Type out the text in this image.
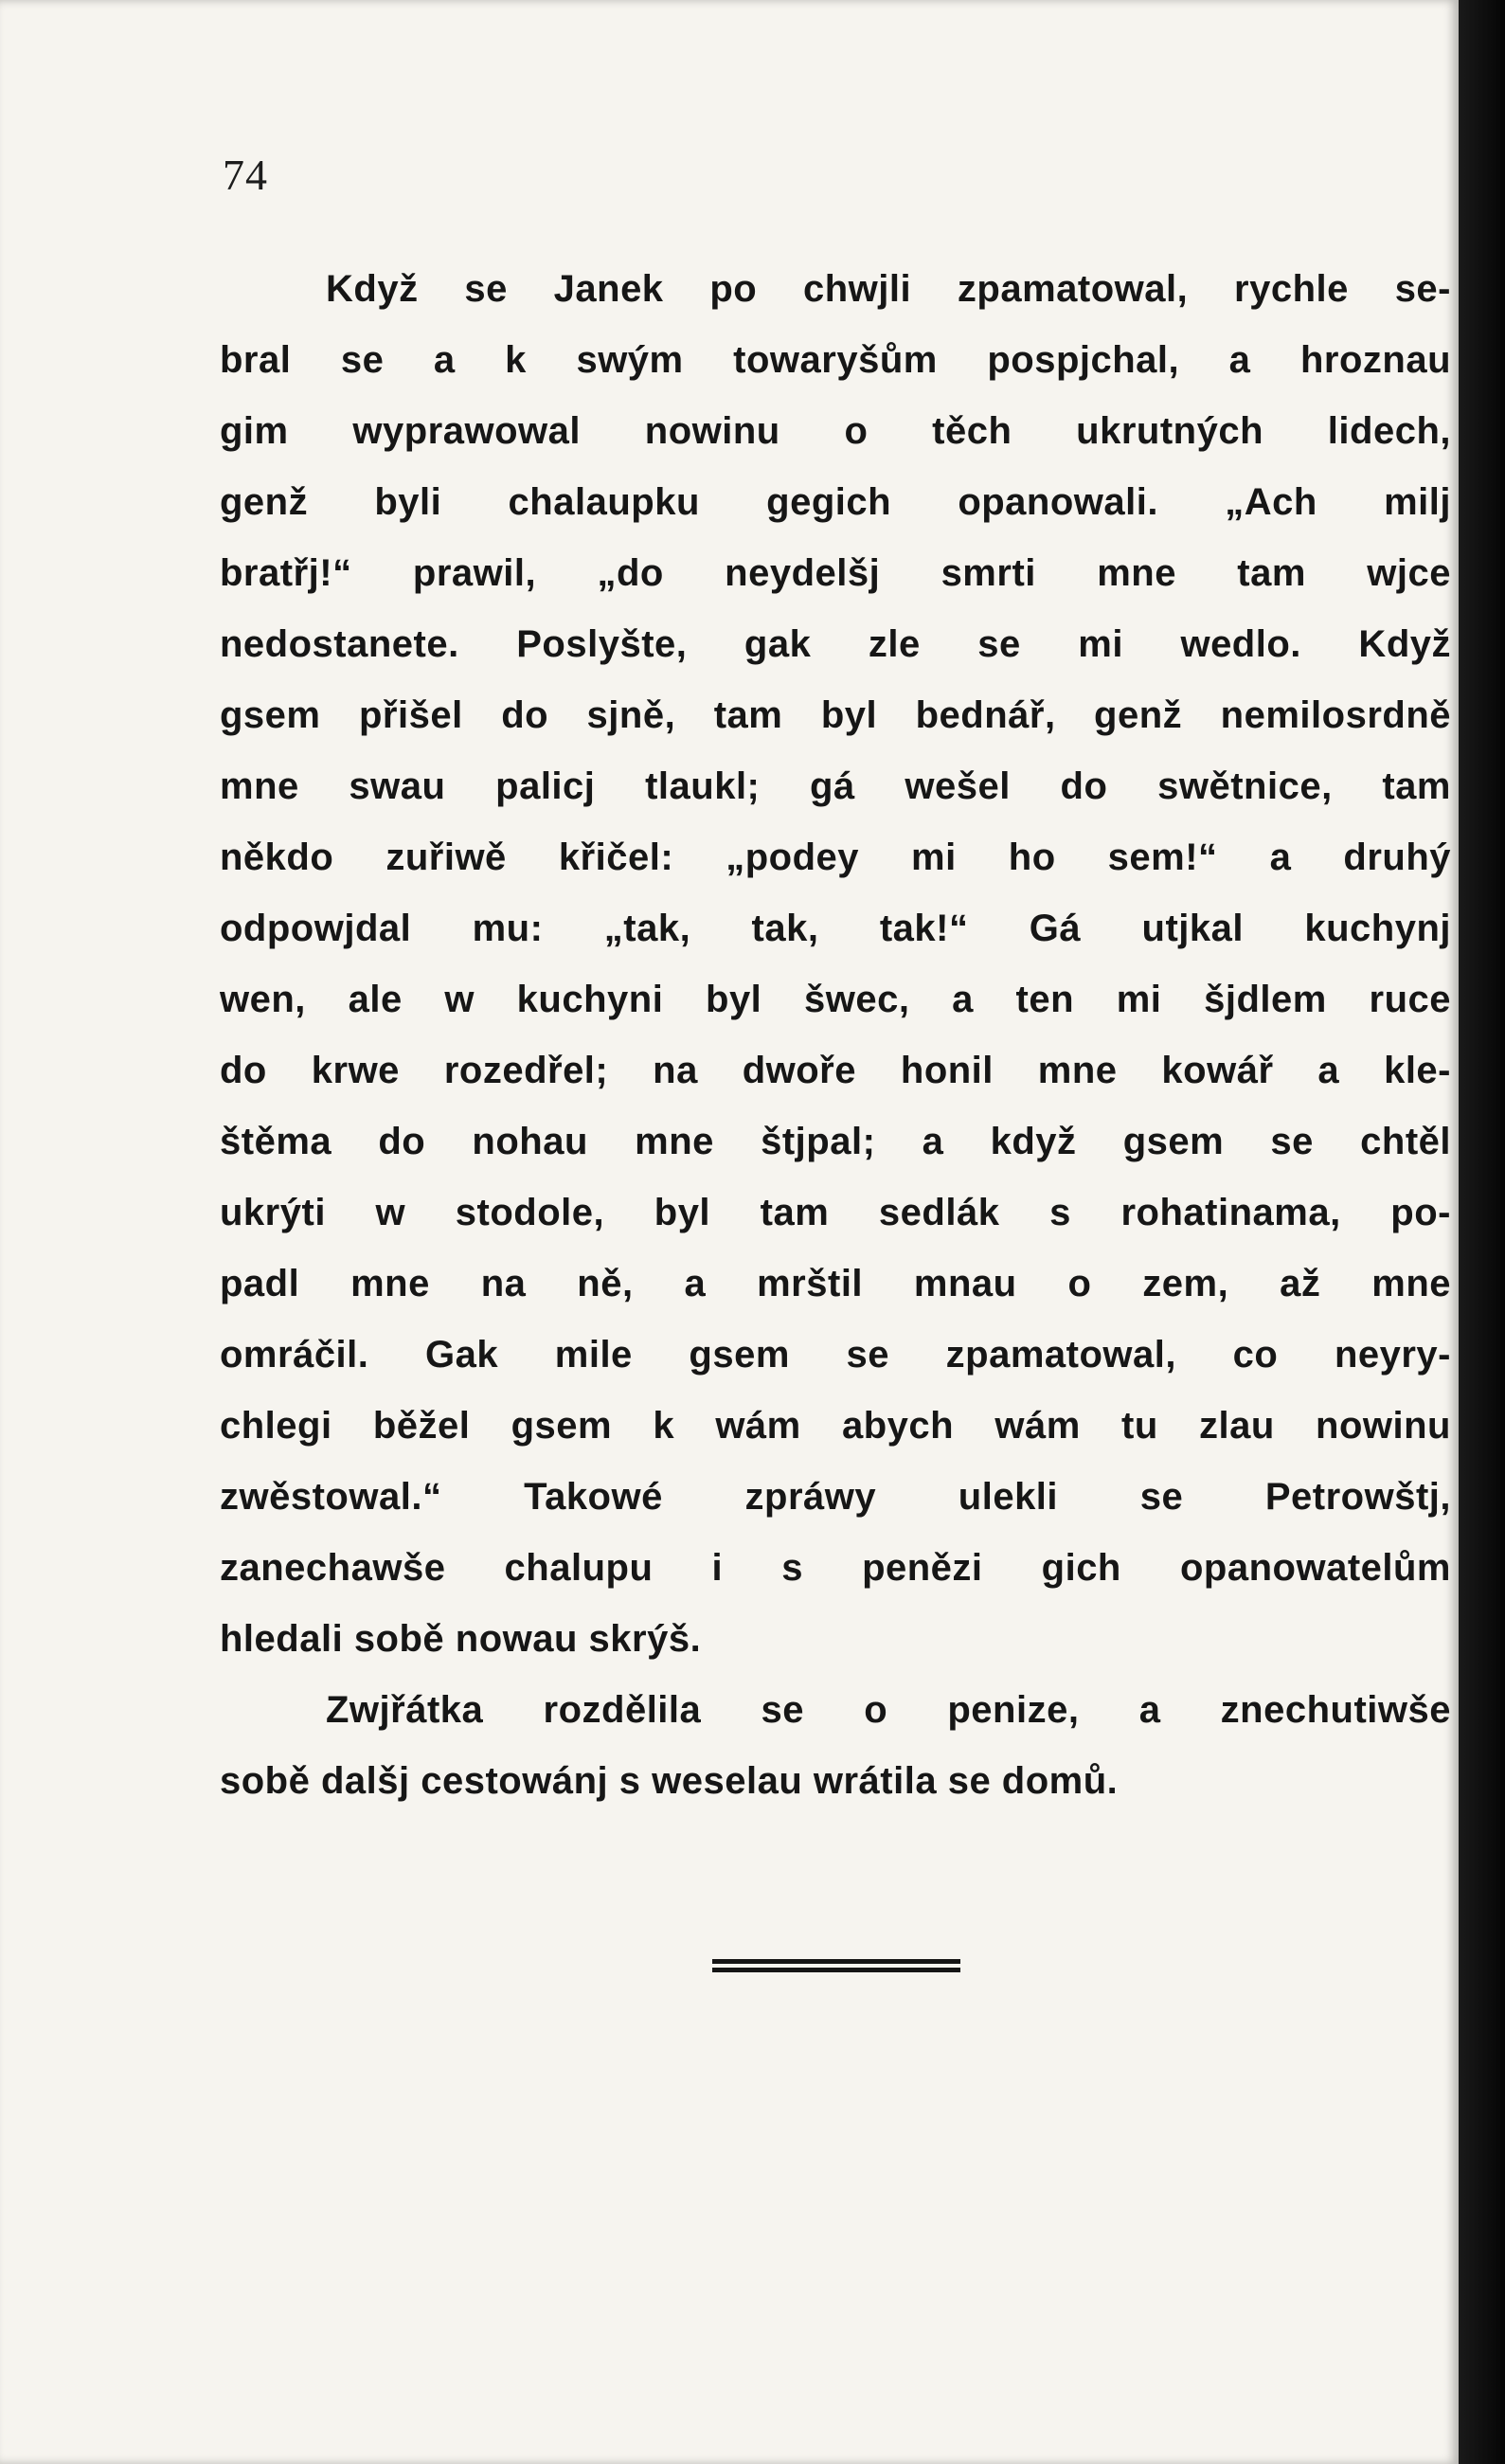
74
Když se Janek po chwjli zpamatowal, rychle se-
bral se a k swým towaryšům pospjchal, a hroznau
gim wyprawowal nowinu o těch ukrutných lidech,
genž byli chalaupku gegich opanowali. „Ach milj
bratřj!“ prawil, „do neydelšj smrti mne tam wjce
nedostanete. Poslyšte, gak zle se mi wedlo. Když
gsem přišel do sjně, tam byl bednář, genž nemilosrdně
mne swau palicj tlaukl; gá wešel do swětnice, tam
někdo zuřiwě křičel: „podey mi ho sem!“ a druhý
odpowjdal mu: „tak, tak, tak!“ Gá utjkal kuchynj
wen, ale w kuchyni byl šwec, a ten mi šjdlem ruce
do krwe rozedřel; na dwoře honil mne kowář a kle-
štěma do nohau mne štjpal; a když gsem se chtěl
ukrýti w stodole, byl tam sedlák s rohatinama, po-
padl mne na ně, a mrštil mnau o zem, až mne
omráčil. Gak mile gsem se zpamatowal, co neyry-
chlegi běžel gsem k wám abych wám tu zlau nowinu
zwěstowal.“ Takowé zpráwy ulekli se Petrowštj,
zanechawše chalupu i s penězi gich opanowatelům
hledali sobě nowau skrýš.
Zwjřátka rozdělila se o penize, a znechutiwše
sobě dalšj cestowánj s weselau wrátila se domů.
